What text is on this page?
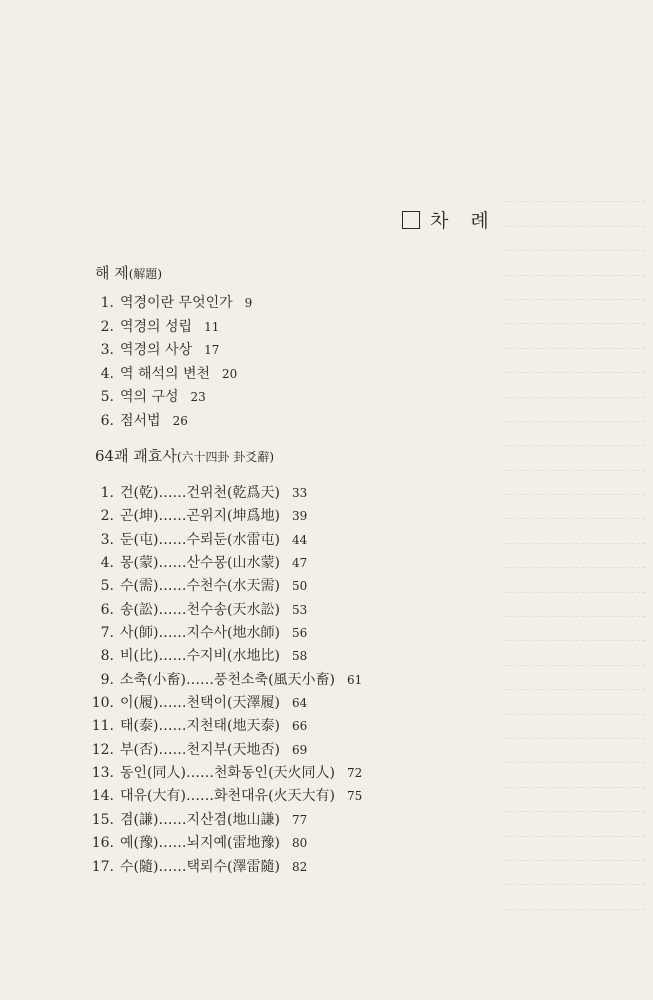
차 례
해 제(解題)
1. 역경이란 무엇인가 9
2. 역경의 성립 11
3. 역경의 사상 17
4. 역 해석의 변천 20
5. 역의 구성 23
6. 점서법 26
64괘 괘효사(六十四卦 卦爻辭)
1. 건(乾)……건위천(乾爲天) 33
2. 곤(坤)……곤위지(坤爲地) 39
3. 둔(屯)……수뢰둔(水雷屯) 44
4. 몽(蒙)……산수몽(山水蒙) 47
5. 수(需)……수천수(水天需) 50
6. 송(訟)……천수송(天水訟) 53
7. 사(師)……지수사(地水師) 56
8. 비(比)……수지비(水地比) 58
9. 소축(小畜)……풍천소축(風天小畜) 61
10. 이(履)……천택이(天澤履) 64
11. 태(泰)……지천태(地天泰) 66
12. 부(否)……천지부(天地否) 69
13. 동인(同人)……천화동인(天火同人) 72
14. 대유(大有)……화천대유(火天大有) 75
15. 겸(謙)……지산겸(地山謙) 77
16. 예(豫)……뇌지예(雷地豫) 80
17. 수(隨)……택뢰수(澤雷隨) 82
